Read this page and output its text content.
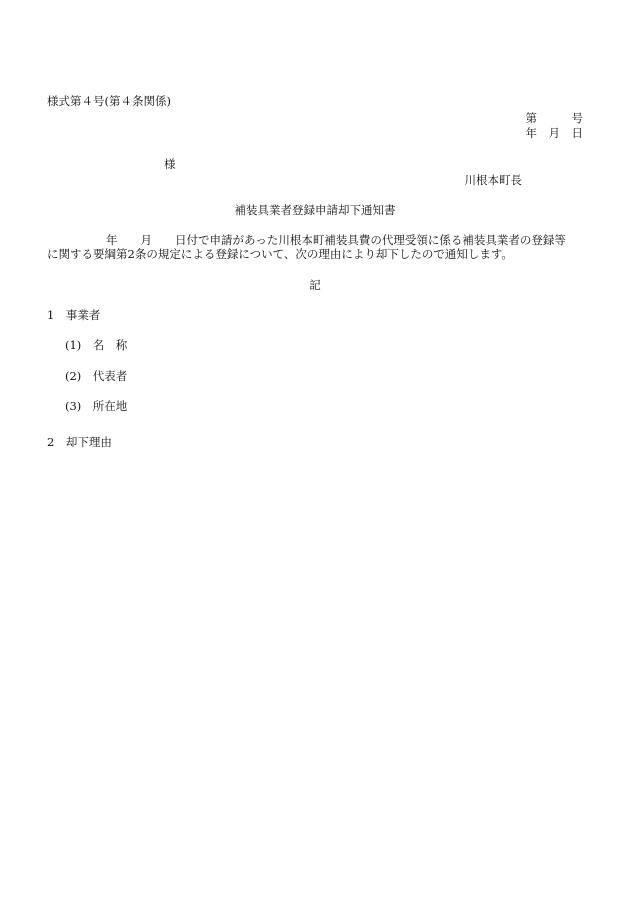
様式第４号(第４条関係)

第　　　号

年　月　日

様

川根本町長

補装具業者登録申請却下通知書

年　　月　　日付で申請があった川根本町補装具費の代理受領に係る補装具業者の登録等

に関する要綱第2条の規定による登録について、次の理由により却下したので通知します。

記

1　事業者

(1)　名　称

(2)　代表者

(3)　所在地

2　却下理由
